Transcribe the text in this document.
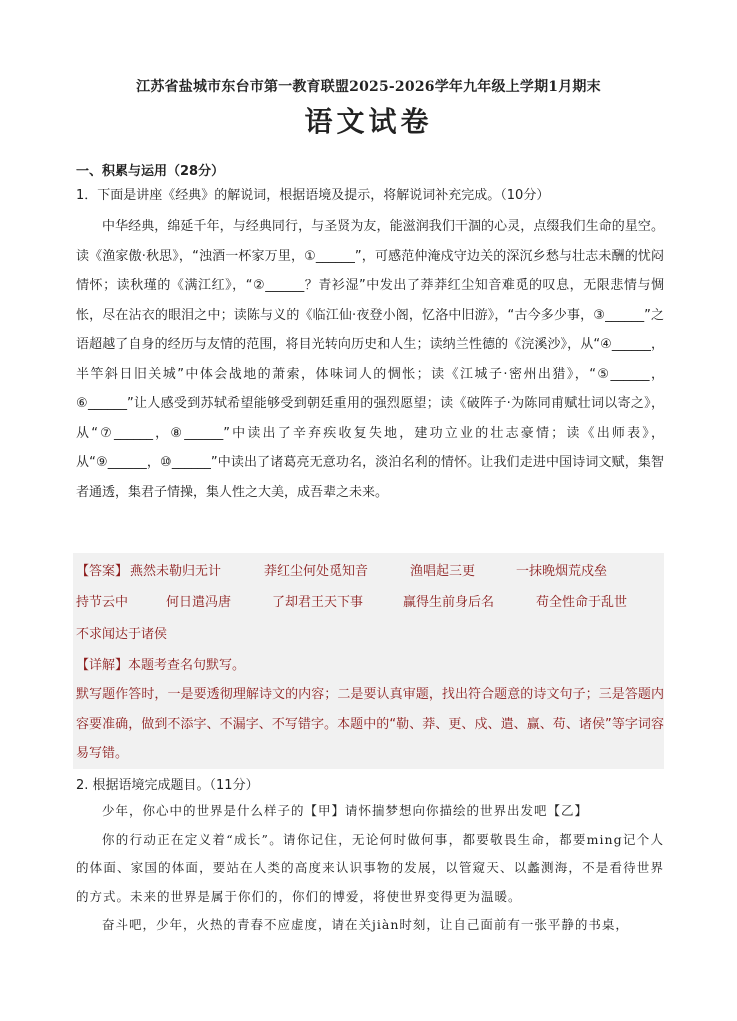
江苏省盐城市东台市第一教育联盟2025-2026学年九年级上学期1月期末
语文试卷
一、积累与运用（28分）
1．下面是讲座《经典》的解说词，根据语境及提示，将解说词补充完成。（10分）

中华经典，绵延千年，与经典同行，与圣贤为友，能滋润我们干涸的心灵，点缀我们生命的星空。读《渔家傲·秋思》，“浊酒一杯家万里，①______”，可感范仲淹戍守边关的深沉乡愁与壮志未酬的忧闷情怀；读秋瑾的《满江红》，“②______？青衫湿”中发出了莽莽红尘知音难觅的叹息，无限悲情与惆怅，尽在沾衣的眼泪之中；读陈与义的《临江仙·夜登小阁，忆洛中旧游》，“古今多少事，③______”之语超越了自身的经历与友情的范围，将目光转向历史和人生；读纳兰性德的《浣溪沙》，从“④______，半竿斜日旧关城”中体会战地的萧索，体味词人的惆怅；读《江城子·密州出猎》，“⑤______，⑥______”让人感受到苏轼希望能够受到朝廷重用的强烈愿望；读《破阵子·为陈同甫赋壮词以寄之》，从“⑦______，⑧______”中读出了辛弃疾收复失地，建功立业的壮志豪情；读《出师表》，从“⑨______，⑩______”中读出了诸葛亮无意功名，淡泊名利的情怀。让我们走进中国诗词文赋，集智者通透，集君子情操，集人性之大美，成吾辈之未来。

【答案】 燕然未勒归无计	莽红尘何处觅知音	渔唱起三更	一抹晚烟荒戍垒
持节云中	何日遣冯唐	了却君王天下事	赢得生前身后名	苟全性命于乱世
不求闻达于诸侯
【详解】本题考查名句默写。
默写题作答时，一是要透彻理解诗文的内容；二是要认真审题，找出符合题意的诗文句子；三是答题内容要准确，做到不添字、不漏字、不写错字。本题中的“勒、莽、更、戍、遣、赢、苟、诸侯”等字词容易写错。
2. 根据语境完成题目。（11分）

少年，你心中的世界是什么样子的【甲】请怀揣梦想向你描绘的世界出发吧【乙】

你的行动正在定义着“成长”。请你记住，无论何时做何事，都要敬畏生命，都要ming记个人的体面、家国的体面，要站在人类的高度来认识事物的发展，以管窥天、以蠡测海，不是看待世界的方式。未来的世界是属于你们的，你们的博爱，将使世界变得更为温暖。

奋斗吧，少年，火热的青春不应虚度，请在关jiàn时刻，让自己面前有一张平静的书桌，
